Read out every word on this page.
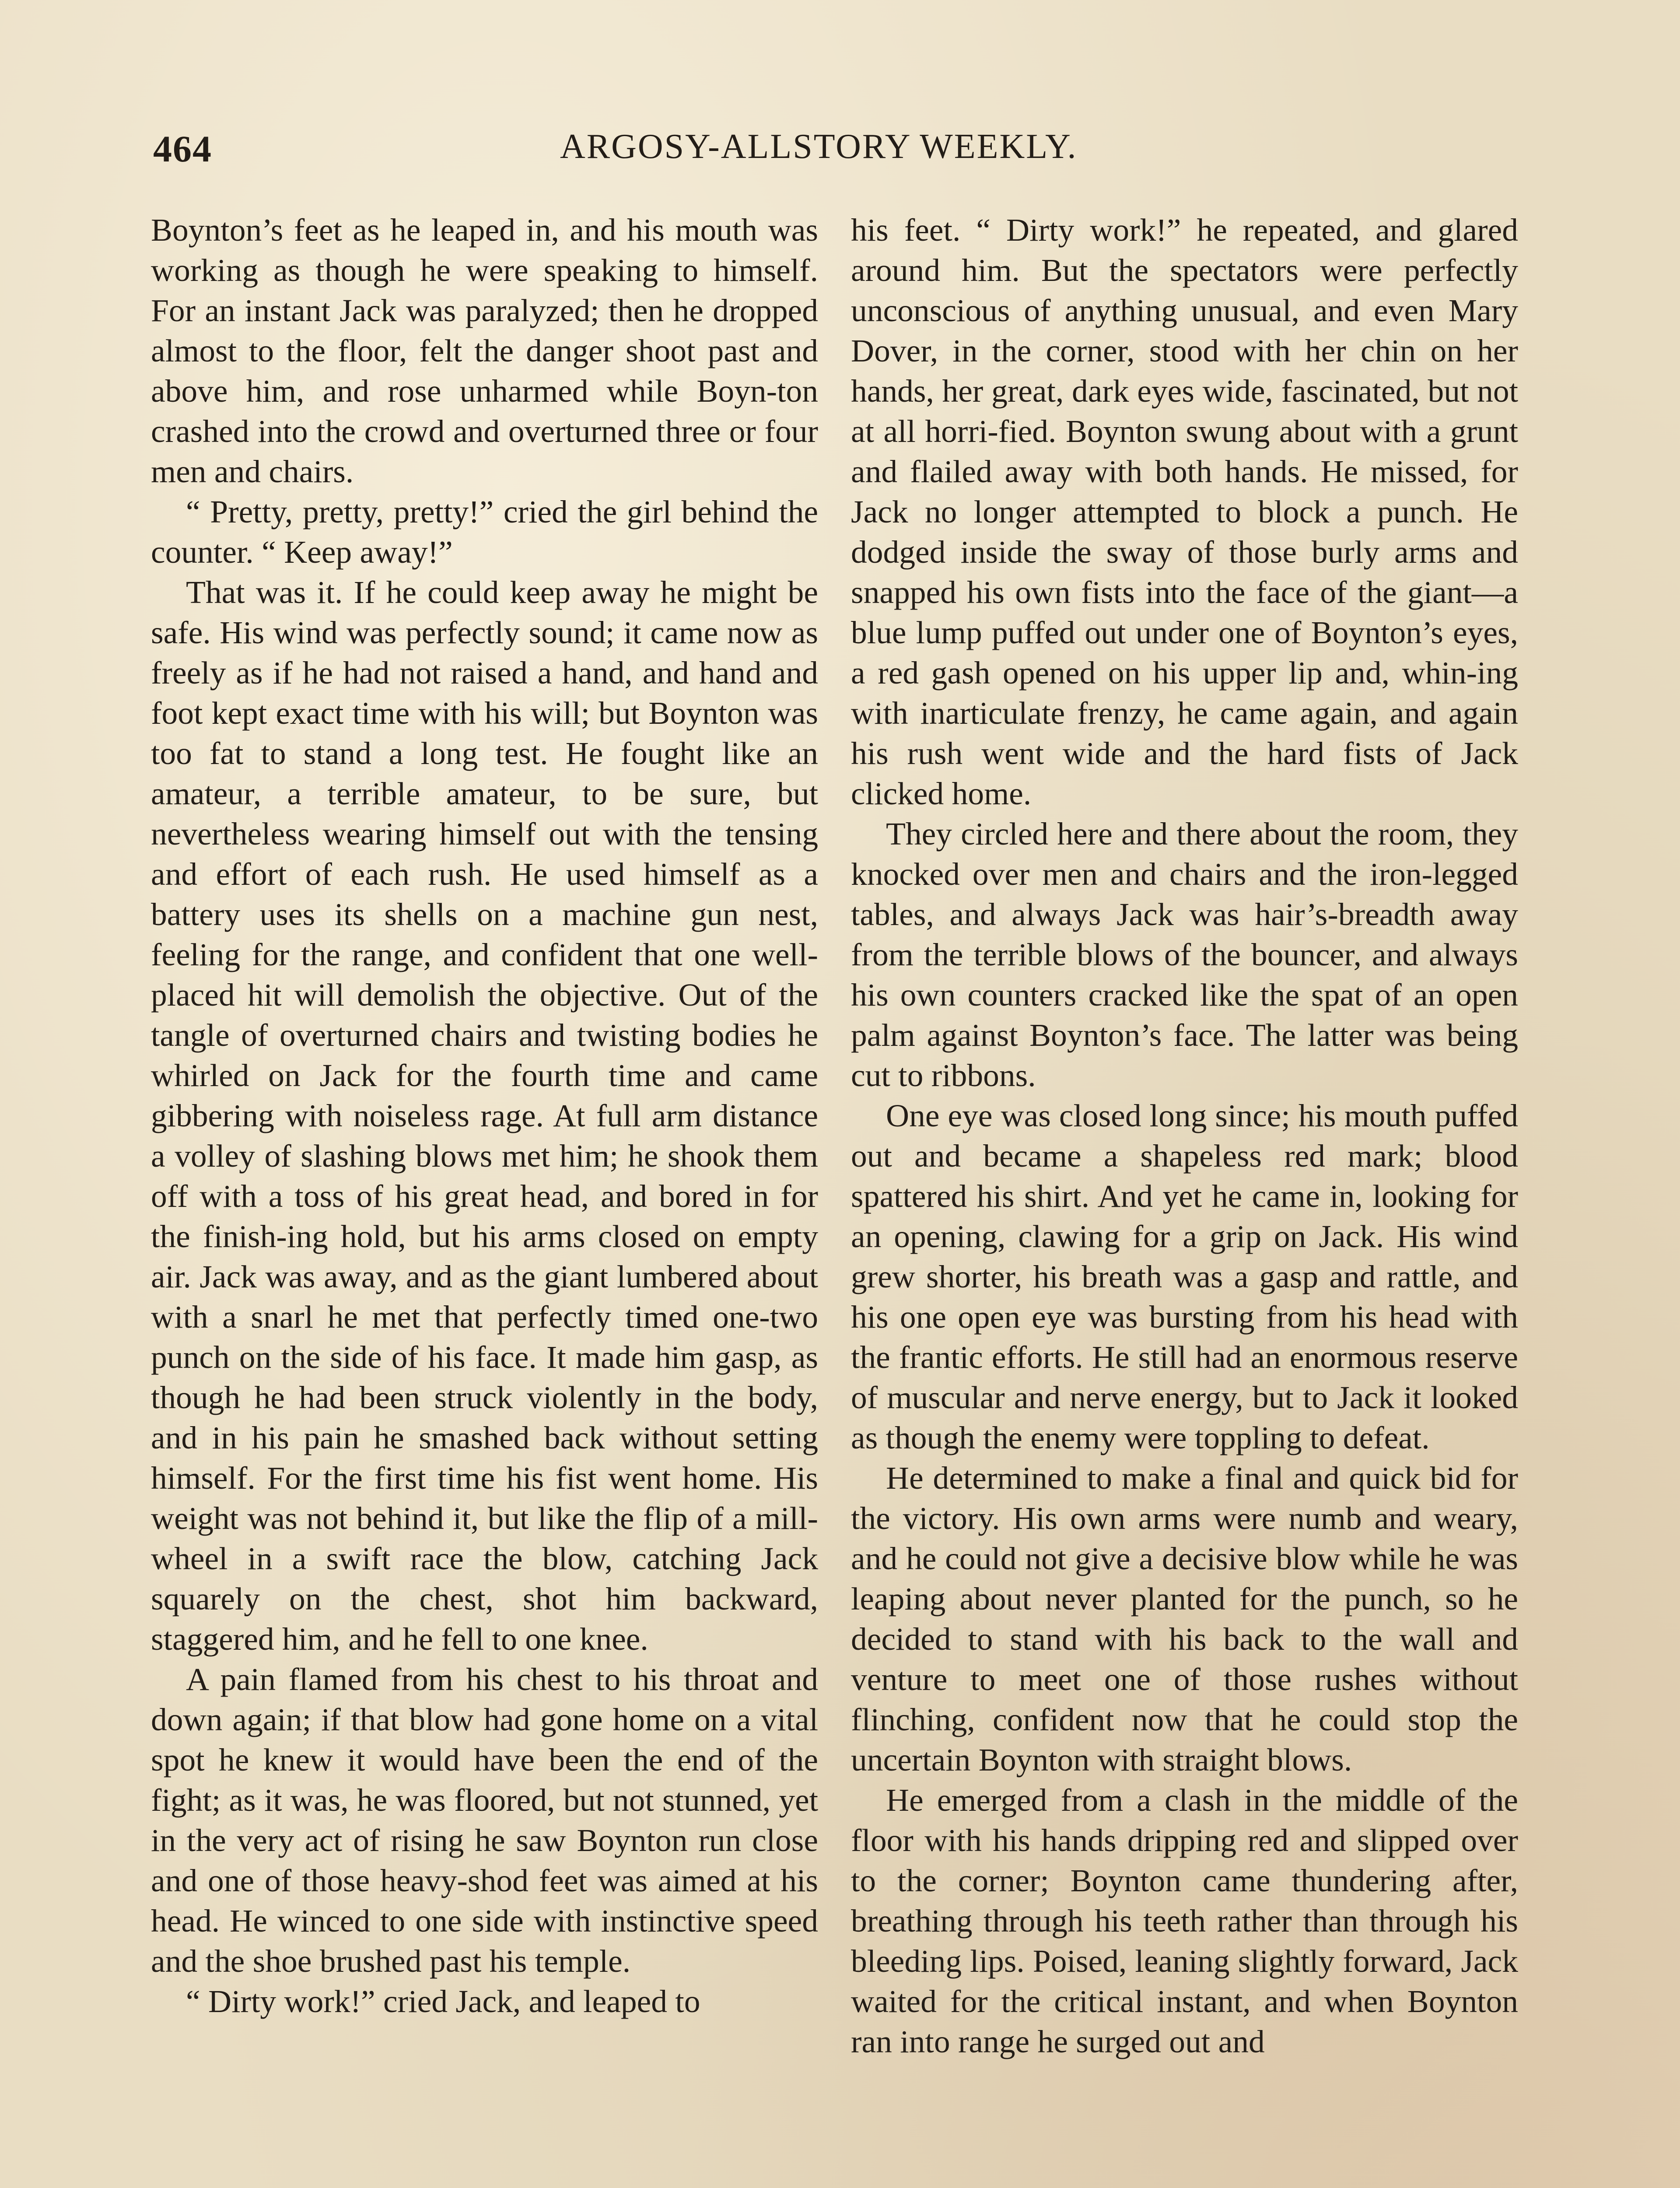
464	ARGOSY-ALLSTORY WEEKLY.

Boynton’s feet as he leaped in, and his mouth was working as though he were speaking to himself. For an instant Jack was paralyzed; then he dropped almost to the floor, felt the danger shoot past and above him, and rose unharmed while Boyn-ton crashed into the crowd and overturned three or four men and chairs.

“ Pretty, pretty, pretty!” cried the girl behind the counter. “ Keep away!”

That was it. If he could keep away he might be safe. His wind was perfectly sound; it came now as freely as if he had not raised a hand, and hand and foot kept exact time with his will; but Boynton was too fat to stand a long test. He fought like an amateur, a terrible amateur, to be sure, but nevertheless wearing himself out with the tensing and effort of each rush. He used himself as a battery uses its shells on a machine gun nest, feeling for the range, and confident that one well-placed hit will demolish the objective. Out of the tangle of overturned chairs and twisting bodies he whirled on Jack for the fourth time and came gibbering with noiseless rage. At full arm distance a volley of slashing blows met him; he shook them off with a toss of his great head, and bored in for the finish-ing hold, but his arms closed on empty air. Jack was away, and as the giant lumbered about with a snarl he met that perfectly timed one-two punch on the side of his face. It made him gasp, as though he had been struck violently in the body, and in his pain he smashed back without setting himself. For the first time his fist went home. His weight was not behind it, but like the flip of a mill-wheel in a swift race the blow, catching Jack squarely on the chest, shot him backward, staggered him, and he fell to one knee.

A pain flamed from his chest to his throat and down again; if that blow had gone home on a vital spot he knew it would have been the end of the fight; as it was, he was floored, but not stunned, yet in the very act of rising he saw Boynton run close and one of those heavy-shod feet was aimed at his head. He winced to one side with instinctive speed and the shoe brushed past his temple.

“ Dirty work!” cried Jack, and leaped to

his feet. “ Dirty work!” he repeated, and glared around him. But the spectators were perfectly unconscious of anything unusual, and even Mary Dover, in the corner, stood with her chin on her hands, her great, dark eyes wide, fascinated, but not at all horri-fied. Boynton swung about with a grunt and flailed away with both hands. He missed, for Jack no longer attempted to block a punch. He dodged inside the sway of those burly arms and snapped his own fists into the face of the giant—a blue lump puffed out under one of Boynton’s eyes, a red gash opened on his upper lip and, whin-ing with inarticulate frenzy, he came again, and again his rush went wide and the hard fists of Jack clicked home.

They circled here and there about the room, they knocked over men and chairs and the iron-legged tables, and always Jack was hair’s-breadth away from the terrible blows of the bouncer, and always his own counters cracked like the spat of an open palm against Boynton’s face. The latter was being cut to ribbons.

One eye was closed long since; his mouth puffed out and became a shapeless red mark; blood spattered his shirt. And yet he came in, looking for an opening, clawing for a grip on Jack. His wind grew shorter, his breath was a gasp and rattle, and his one open eye was bursting from his head with the frantic efforts. He still had an enormous reserve of muscular and nerve energy, but to Jack it looked as though the enemy were toppling to defeat.

He determined to make a final and quick bid for the victory. His own arms were numb and weary, and he could not give a decisive blow while he was leaping about never planted for the punch, so he decided to stand with his back to the wall and venture to meet one of those rushes without flinching, confident now that he could stop the uncertain Boynton with straight blows.

He emerged from a clash in the middle of the floor with his hands dripping red and slipped over to the corner; Boynton came thundering after, breathing through his teeth rather than through his bleeding lips. Poised, leaning slightly forward, Jack waited for the critical instant, and when Boynton ran into range he surged out and
